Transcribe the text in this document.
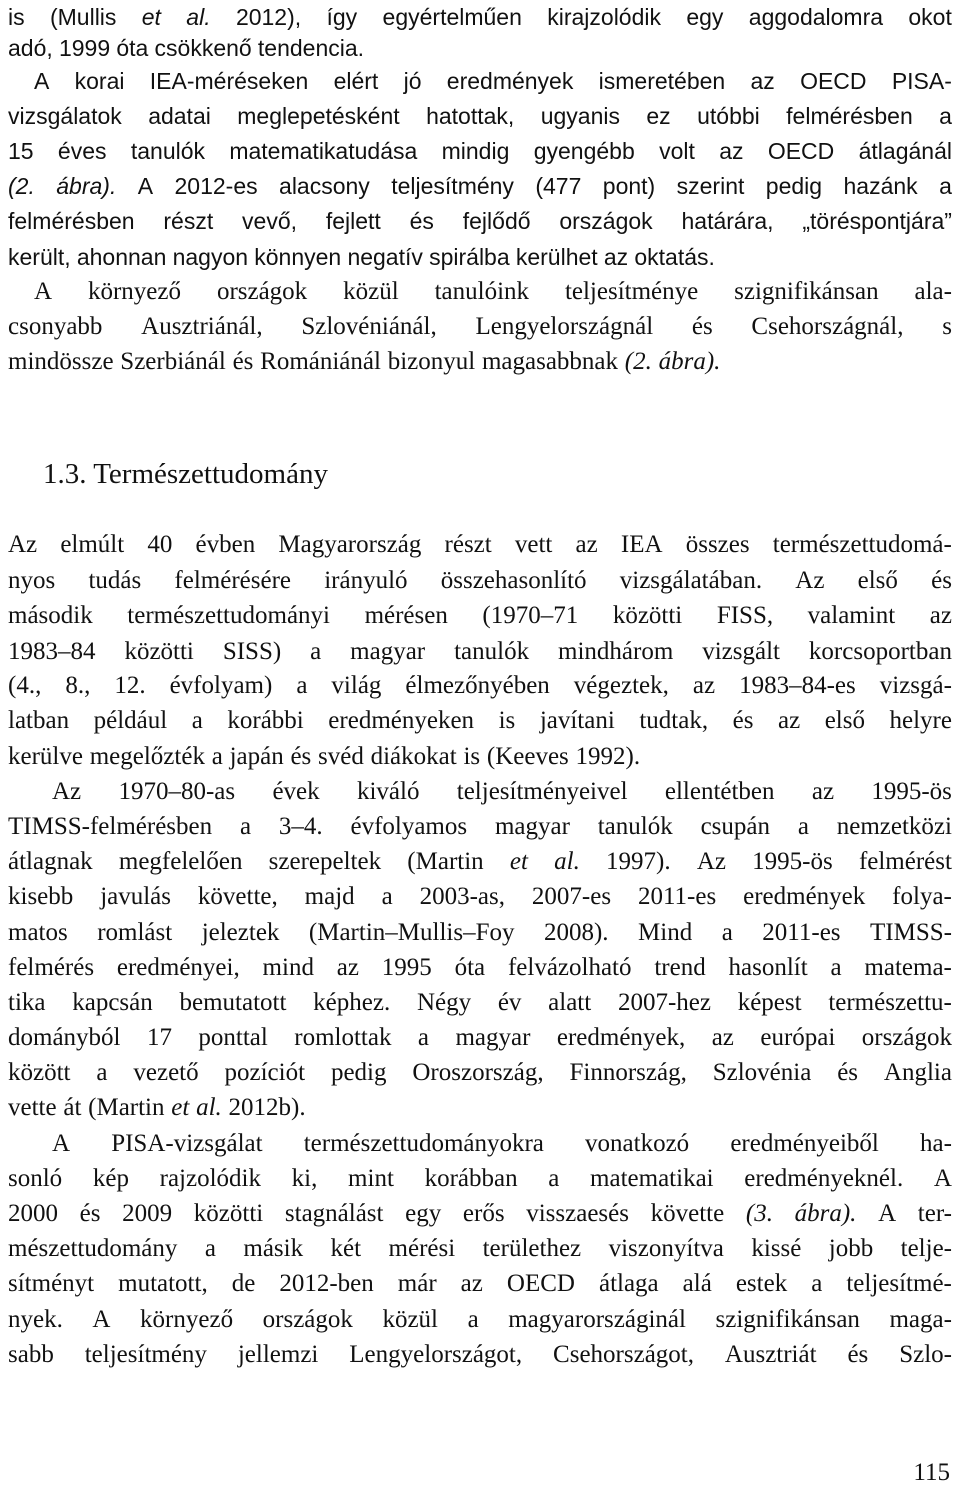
is (Mullis et al. 2012), így egyértelműen kirajzolódik egy aggodalomra okot
adó, 1999 óta csökkenő tendencia.
A korai IEA-méréseken elért jó eredmények ismeretében az OECD PISA-
vizsgálatok adatai meglepetésként hatottak, ugyanis ez utóbbi felmérésben a
15 éves tanulók matematikatudása mindig gyengébb volt az OECD átlagánál
(2. ábra). A 2012-es alacsony teljesítmény (477 pont) szerint pedig hazánk a
felmérésben részt vevő, fejlett és fejlődő országok határára, „töréspontjára”
került, ahonnan nagyon könnyen negatív spirálba kerülhet az oktatás.
A környező országok közül tanulóink teljesítménye szignifikánsan ala-
csonyabb Ausztriánál, Szlovéniánál, Lengyelországnál és Csehországnál, s
mindössze Szerbiánál és Romániánál bizonyul magasabbnak (2. ábra).
1.3. Természettudomány
Az elmúlt 40 évben Magyarország részt vett az IEA összes természettudomá-
nyos tudás felmérésére irányuló összehasonlító vizsgálatában. Az első és
második természettudományi mérésen (1970–71 közötti FISS, valamint az
1983–84 közötti SISS) a magyar tanulók mindhárom vizsgált korcsoportban
(4., 8., 12. évfolyam) a világ élmezőnyében végeztek, az 1983–84-es vizsgá-
latban például a korábbi eredményeken is javítani tudtak, és az első helyre
kerülve megelőzték a japán és svéd diákokat is (Keeves 1992).
Az 1970–80-as évek kiváló teljesítményeivel ellentétben az 1995-ös
TIMSS-felmérésben a 3–4. évfolyamos magyar tanulók csupán a nemzetközi
átlagnak megfelelően szerepeltek (Martin et al. 1997). Az 1995-ös felmérést
kisebb javulás követte, majd a 2003-as, 2007-es 2011-es eredmények folya-
matos romlást jeleztek (Martin–Mullis–Foy 2008). Mind a 2011-es TIMSS-
felmérés eredményei, mind az 1995 óta felvázolható trend hasonlít a matema-
tika kapcsán bemutatott képhez. Négy év alatt 2007-hez képest természettu-
dományból 17 ponttal romlottak a magyar eredmények, az európai országok
között a vezető pozíciót pedig Oroszország, Finnország, Szlovénia és Anglia
vette át (Martin et al. 2012b).
A PISA-vizsgálat természettudományokra vonatkozó eredményeiből ha-
sonló kép rajzolódik ki, mint korábban a matematikai eredményeknél. A
2000 és 2009 közötti stagnálást egy erős visszaesés követte (3. ábra). A ter-
mészettudomány a másik két mérési területhez viszonyítva kissé jobb telje-
sítményt mutatott, de 2012-ben már az OECD átlaga alá estek a teljesítmé-
nyek. A környező országok közül a magyarországinál szignifikánsan maga-
sabb teljesítmény jellemzi Lengyelországot, Csehországot, Ausztriát és Szlo-
115
